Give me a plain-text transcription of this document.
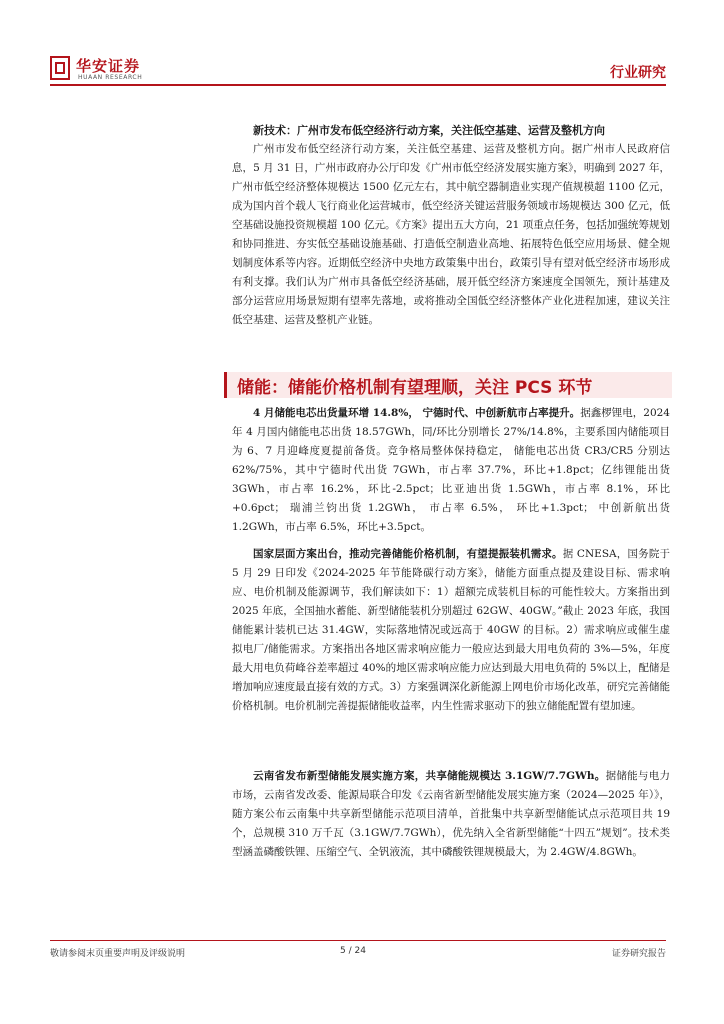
华安证券
HUAAN RESEARCH	行业研究

新技术：广州市发布低空经济行动方案，关注低空基建、运营及整机方向

广州市发布低空经济行动方案，关注低空基建、运营及整机方向。据广州市人民政府信息，5 月 31 日，广州市政府办公厅印发《广州市低空经济发展实施方案》，明确到 2027 年，广州市低空经济整体规模达 1500 亿元左右，其中航空器制造业实现产值规模超 1100 亿元，成为国内首个载人飞行商业化运营城市，低空经济关键运营服务领域市场规模达 300 亿元，低空基础设施投资规模超 100 亿元。《方案》提出五大方向，21 项重点任务，包括加强统筹规划和协同推进、夯实低空基础设施基础、打造低空制造业高地、拓展特色低空应用场景、健全规划制度体系等内容。近期低空经济中央地方政策集中出台，政策引导有望对低空经济市场形成有利支撑。我们认为广州市具备低空经济基础，展开低空经济方案速度全国领先，预计基建及部分运营应用场景短期有望率先落地，或将推动全国低空经济整体产业化进程加速，建议关注低空基建、运营及整机产业链。

储能：储能价格机制有望理顺，关注 PCS 环节

4 月储能电芯出货量环增 14.8%， 宁德时代、中创新航市占率提升。据鑫椤锂电，2024 年 4 月国内储能电芯出货 18.57GWh，同/环比分别增长 27%/14.8%，主要系国内储能项目为 6、7 月迎峰度夏提前备货。竞争格局整体保持稳定， 储能电芯出货 CR3/CR5 分别达 62%/75%，其中宁德时代出货 7GWh，市占率 37.7%，环比+1.8pct；亿纬锂能出货 3GWh，市占率 16.2%，环比-2.5pct；比亚迪出货 1.5GWh，市占率 8.1%，环比+0.6pct； 瑞浦兰钧出货 1.2GWh， 市占率 6.5%， 环比+1.3pct； 中创新航出货 1.2GWh，市占率 6.5%，环比+3.5pct。

国家层面方案出台，推动完善储能价格机制，有望提振装机需求。据 CNESA，国务院于 5 月 29 日印发《2024-2025 年节能降碳行动方案》，储能方面重点提及建设目标、需求响应、电价机制及能源调节，我们解读如下：1）超额完成装机目标的可能性较大。方案指出到 2025 年底，全国抽水蓄能、新型储能装机分别超过 62GW、40GW。”截止 2023 年底，我国储能累计装机已达 31.4GW，实际落地情况或远高于 40GW 的目标。2）需求响应或催生虚拟电厂/储能需求。方案指出各地区需求响应能力一般应达到最大用电负荷的 3%—5%，年度最大用电负荷峰谷差率超过 40%的地区需求响应能力应达到最大用电负荷的 5%以上，配储是增加响应速度最直接有效的方式。3）方案强调深化新能源上网电价市场化改革，研究完善储能价格机制。电价机制完善提振储能收益率，内生性需求驱动下的独立储能配置有望加速。

云南省发布新型储能发展实施方案，共享储能规模达 3.1GW/7.7GWh。据储能与电力市场，云南省发改委、能源局联合印发《云南省新型储能发展实施方案（2024—2025 年）》，随方案公布云南集中共享新型储能示范项目清单，首批集中共享新型储能试点示范项目共 19 个，总规模 310 万千瓦（3.1GW/7.7GWh），优先纳入全省新型储能“十四五”规划”。技术类型涵盖磷酸铁锂、压缩空气、全钒液流，其中磷酸铁锂规模最大，为 2.4GW/4.8GWh。

敬请参阅末页重要声明及评级说明	5 / 24	证券研究报告
